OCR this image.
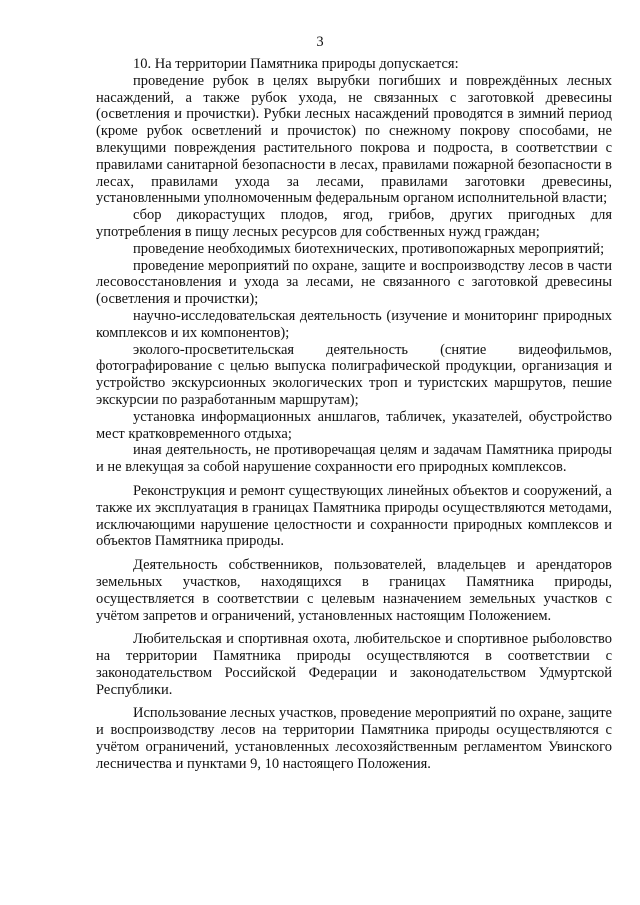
3

10. На территории Памятника природы допускается:

проведение рубок в целях вырубки погибших и повреждённых лесных насаждений, а также рубок ухода, не связанных с заготовкой древесины (осветления и прочистки). Рубки лесных насаждений проводятся в зимний период (кроме рубок осветлений и прочисток) по снежному покрову способами, не влекущими повреждения растительного покрова и подроста, в соответствии с правилами санитарной безопасности в лесах, правилами пожарной безопасности в лесах, правилами ухода за лесами, правилами заготовки древесины, установленными уполномоченным федеральным органом исполнительной власти;

сбор дикорастущих плодов, ягод, грибов, других пригодных для употребления в пищу лесных ресурсов для собственных нужд граждан;

проведение необходимых биотехнических, противопожарных мероприятий;

проведение мероприятий по охране, защите и воспроизводству лесов в части лесовосстановления и ухода за лесами, не связанного с заготовкой древесины (осветления и прочистки);

научно-исследовательская деятельность (изучение и мониторинг природных комплексов и их компонентов);

эколого-просветительская деятельность (снятие видеофильмов, фотографирование с целью выпуска полиграфической продукции, организация и устройство экскурсионных экологических троп и туристских маршрутов, пешие экскурсии по разработанным маршрутам);

установка информационных аншлагов, табличек, указателей, обустройство мест кратковременного отдыха;

иная деятельность, не противоречащая целям и задачам Памятника природы и не влекущая за собой нарушение сохранности его природных комплексов.

Реконструкция и ремонт существующих линейных объектов и сооружений, а также их эксплуатация в границах Памятника природы осуществляются методами, исключающими нарушение целостности и сохранности природных комплексов и объектов Памятника природы.

Деятельность собственников, пользователей, владельцев и арендаторов земельных участков, находящихся в границах Памятника природы, осуществляется в соответствии с целевым назначением земельных участков с учётом запретов и ограничений, установленных настоящим Положением.

Любительская и спортивная охота, любительское и спортивное рыболовство на территории Памятника природы осуществляются в соответствии с законодательством Российской Федерации и законодательством Удмуртской Республики.

Использование лесных участков, проведение мероприятий по охране, защите и воспроизводству лесов на территории Памятника природы осуществляются с учётом ограничений, установленных лесохозяйственным регламентом Увинского лесничества и пунктами 9, 10 настоящего Положения.
